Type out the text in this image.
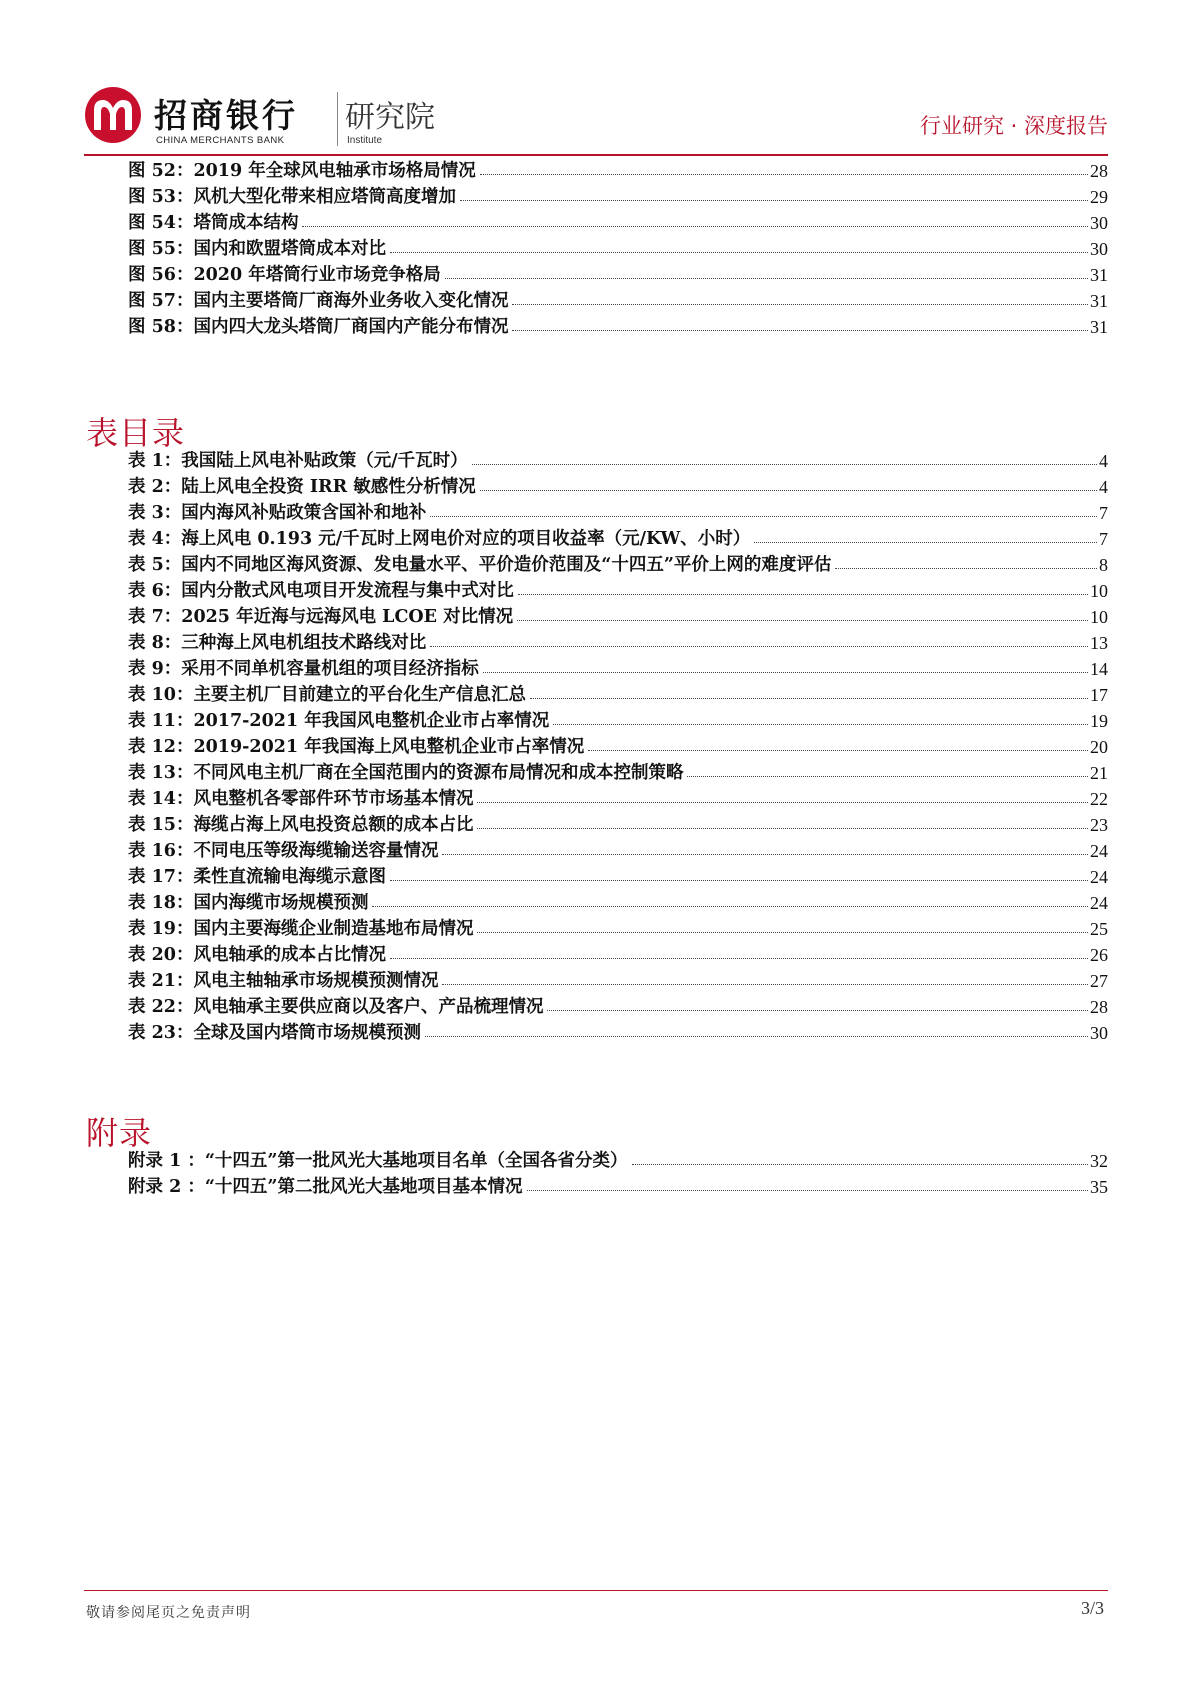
招商银行
CHINA MERCHANTS BANK
研究院
Institute
行业研究 · 深度报告
图 52：2019 年全球风电轴承市场格局情况	28
图 53：风机大型化带来相应塔筒高度增加	29
图 54：塔筒成本结构	30
图 55：国内和欧盟塔筒成本对比	30
图 56：2020 年塔筒行业市场竞争格局	31
图 57：国内主要塔筒厂商海外业务收入变化情况	31
图 58：国内四大龙头塔筒厂商国内产能分布情况	31
表目录
表 1：我国陆上风电补贴政策（元/千瓦时）	4
表 2：陆上风电全投资 IRR 敏感性分析情况	4
表 3：国内海风补贴政策含国补和地补	7
表 4：海上风电 0.193 元/千瓦时上网电价对应的项目收益率（元/KW、小时）	7
表 5：国内不同地区海风资源、发电量水平、平价造价范围及“十四五”平价上网的难度评估	8
表 6：国内分散式风电项目开发流程与集中式对比	10
表 7：2025 年近海与远海风电 LCOE 对比情况	10
表 8：三种海上风电机组技术路线对比	13
表 9：采用不同单机容量机组的项目经济指标	14
表 10：主要主机厂目前建立的平台化生产信息汇总	17
表 11：2017-2021 年我国风电整机企业市占率情况	19
表 12：2019-2021 年我国海上风电整机企业市占率情况	20
表 13：不同风电主机厂商在全国范围内的资源布局情况和成本控制策略	21
表 14：风电整机各零部件环节市场基本情况	22
表 15：海缆占海上风电投资总额的成本占比	23
表 16：不同电压等级海缆输送容量情况	24
表 17：柔性直流输电海缆示意图	24
表 18：国内海缆市场规模预测	24
表 19：国内主要海缆企业制造基地布局情况	25
表 20：风电轴承的成本占比情况	26
表 21：风电主轴轴承市场规模预测情况	27
表 22：风电轴承主要供应商以及客户、产品梳理情况	28
表 23：全球及国内塔筒市场规模预测	30
附录
附录 1 ：“十四五”第一批风光大基地项目名单（全国各省分类）	32
附录 2 ：“十四五”第二批风光大基地项目基本情况	35
敬请参阅尾页之免责声明	3/3
